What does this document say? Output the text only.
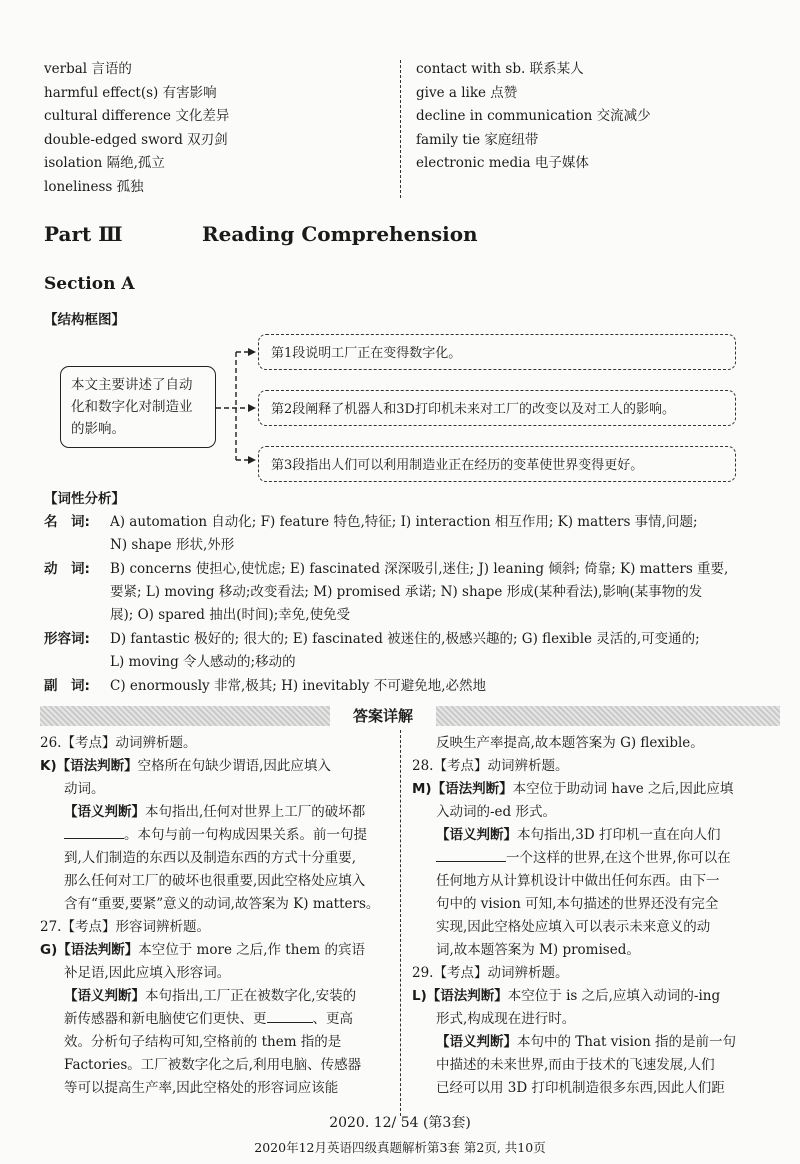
verbal 言语的
harmful effect(s) 有害影响
cultural difference 文化差异
double-edged sword 双刃剑
isolation 隔绝,孤立
loneliness 孤独
contact with sb. 联系某人
give a like 点赞
decline in communication 交流减少
family tie 家庭纽带
electronic media 电子媒体
Part Ⅲ	Reading Comprehension
Section A
【结构框图】
本文主要讲述了自动
化和数字化对制造业
的影响。
第1段说明工厂正在变得数字化。
第2段阐释了机器人和3D打印机未来对工厂的改变以及对工人的影响。
第3段指出人们可以利用制造业正在经历的变革使世界变得更好。
【词性分析】
名　词:	A) automation 自动化; F) feature 特色,特征; I) interaction 相互作用; K) matters 事情,问题;
N) shape 形状,外形
动　词:	B) concerns 使担心,使忧虑; E) fascinated 深深吸引,迷住; J) leaning 倾斜; 倚靠; K) matters 重要,
要紧; L) moving 移动;改变看法; M) promised 承诺; N) shape 形成(某种看法),影响(某事物的发
展); O) spared 抽出(时间);幸免,使免受
形容词:	D) fantastic 极好的; 很大的; E) fascinated 被迷住的,极感兴趣的; G) flexible 灵活的,可变通的;
L) moving 令人感动的;移动的
副　词:	C) enormously 非常,极其; H) inevitably 不可避免地,必然地
答案详解
26.【考点】动词辨析题。
K)【语法判断】空格所在句缺少谓语,因此应填入
动词。
【语义判断】本句指出,任何对世界上工厂的破坏都
。本句与前一句构成因果关系。前一句提
到,人们制造的东西以及制造东西的方式十分重要,
那么任何对工厂的破坏也很重要,因此空格处应填入
含有“重要,要紧”意义的动词,故答案为 K) matters。
27.【考点】形容词辨析题。
G)【语法判断】本空位于 more 之后,作 them 的宾语
补足语,因此应填入形容词。
【语义判断】本句指出,工厂正在被数字化,安装的
新传感器和新电脑使它们更快、更	、更高
效。分析句子结构可知,空格前的 them 指的是
Factories。工厂被数字化之后,利用电脑、传感器
等可以提高生产率,因此空格处的形容词应该能
反映生产率提高,故本题答案为 G) flexible。
28.【考点】动词辨析题。
M)【语法判断】本空位于助动词 have 之后,因此应填
入动词的-ed 形式。
【语义判断】本句指出,3D 打印机一直在向人们
一个这样的世界,在这个世界,你可以在
任何地方从计算机设计中做出任何东西。由下一
句中的 vision 可知,本句描述的世界还没有完全
实现,因此空格处应填入可以表示未来意义的动
词,故本题答案为 M) promised。
29.【考点】动词辨析题。
L)【语法判断】本空位于 is 之后,应填入动词的-ing
形式,构成现在进行时。
【语义判断】本句中的 That vision 指的是前一句
中描述的未来世界,而由于技术的飞速发展,人们
已经可以用 3D 打印机制造很多东西,因此人们距
2020. 12/ 54 (第3套)
2020年12月英语四级真题解析第3套 第2页, 共10页
